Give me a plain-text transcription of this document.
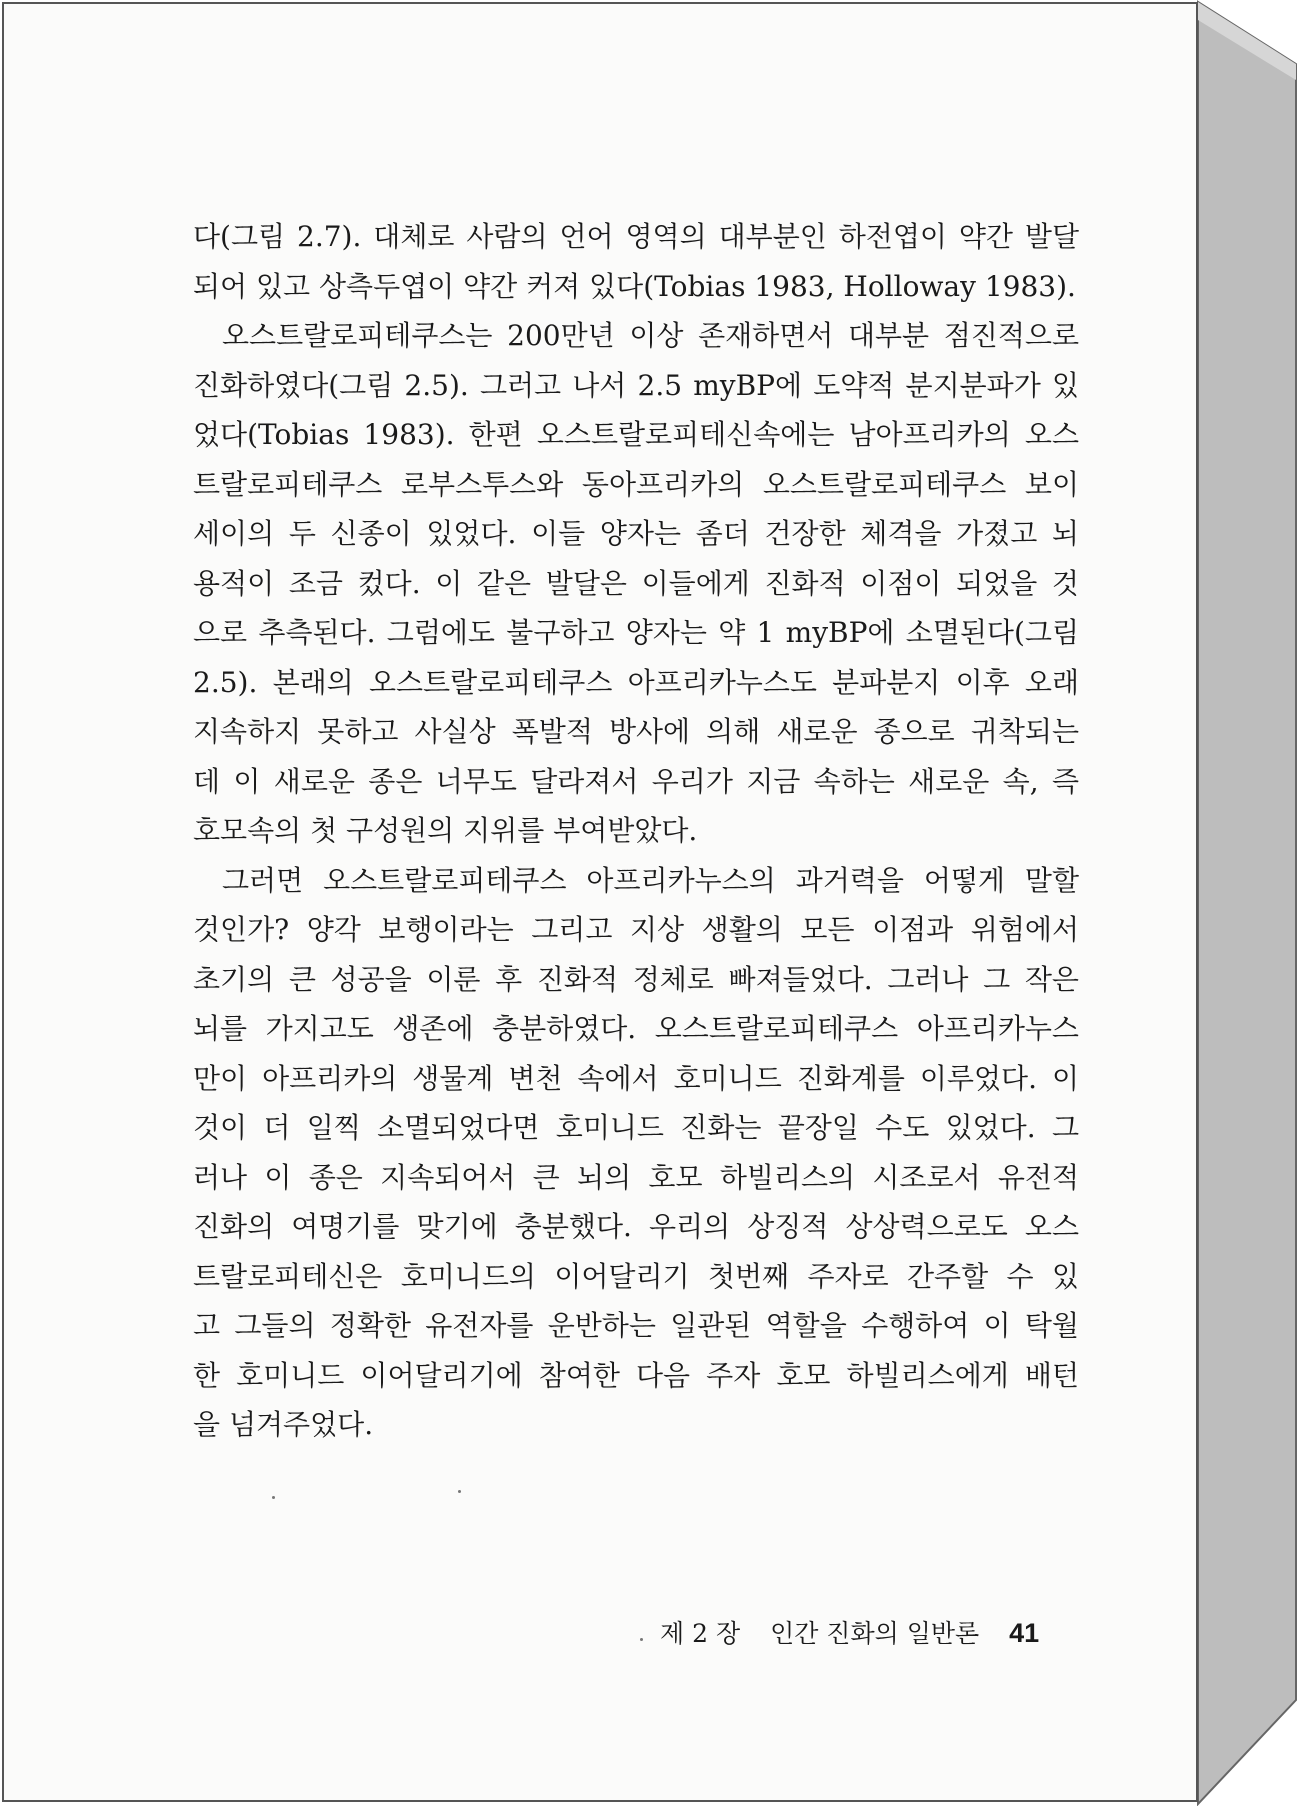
다(그림 2.7). 대체로 사람의 언어 영역의 대부분인 하전엽이 약간 발달
되어 있고 상측두엽이 약간 커져 있다(Tobias 1983, Holloway 1983).
오스트랄로피테쿠스는 200만년 이상 존재하면서 대부분 점진적으로
진화하였다(그림 2.5). 그러고 나서 2.5 myBP에 도약적 분지분파가 있
었다(Tobias 1983). 한편 오스트랄로피테신속에는 남아프리카의 오스
트랄로피테쿠스 로부스투스와 동아프리카의 오스트랄로피테쿠스 보이
세이의 두 신종이 있었다. 이들 양자는 좀더 건장한 체격을 가졌고 뇌
용적이 조금 컸다. 이 같은 발달은 이들에게 진화적 이점이 되었을 것
으로 추측된다. 그럼에도 불구하고 양자는 약 1 myBP에 소멸된다(그림
2.5). 본래의 오스트랄로피테쿠스 아프리카누스도 분파분지 이후 오래
지속하지 못하고 사실상 폭발적 방사에 의해 새로운 종으로 귀착되는
데 이 새로운 종은 너무도 달라져서 우리가 지금 속하는 새로운 속, 즉
호모속의 첫 구성원의 지위를 부여받았다.
그러면 오스트랄로피테쿠스 아프리카누스의 과거력을 어떻게 말할
것인가? 양각 보행이라는 그리고 지상 생활의 모든 이점과 위험에서
초기의 큰 성공을 이룬 후 진화적 정체로 빠져들었다. 그러나 그 작은
뇌를 가지고도 생존에 충분하였다. 오스트랄로피테쿠스 아프리카누스
만이 아프리카의 생물계 변천 속에서 호미니드 진화계를 이루었다. 이
것이 더 일찍 소멸되었다면 호미니드 진화는 끝장일 수도 있었다. 그
러나 이 종은 지속되어서 큰 뇌의 호모 하빌리스의 시조로서 유전적
진화의 여명기를 맞기에 충분했다. 우리의 상징적 상상력으로도 오스
트랄로피테신은 호미니드의 이어달리기 첫번째 주자로 간주할 수 있
고 그들의 정확한 유전자를 운반하는 일관된 역할을 수행하여 이 탁월
한 호미니드 이어달리기에 참여한 다음 주자 호모 하빌리스에게 배턴
을 넘겨주었다.
제 2 장 인간 진화의 일반론 41
